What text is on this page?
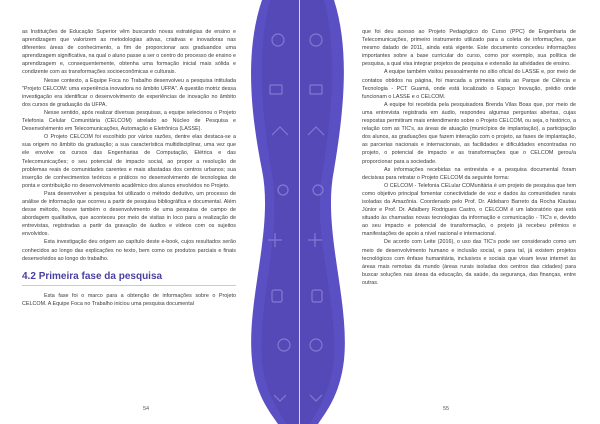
as Instituições de Educação Superior vêm buscando novas estratégias de ensino e aprendizagem que valorizem as metodologias ativas, criativas e inovadoras nas diferentes áreas de conhecimento, a fim de proporcionar aos graduandos uma aprendizagem significativa, na qual o aluno passe a ser o centro do processo de ensino e aprendizagem e, consequentemente, obtenha uma formação inicial mais sólida e condizente com as transformações socioeconômicas e culturais.

Nesse contexto, a Equipe Foca no Trabalho desenvolveu a pesquisa intitulada "Projeto CELCOM: uma experiência inovadora no âmbito UFPA". A questão motriz dessa investigação era identificar o desenvolvimento de experiências de inovação no âmbito dos cursos de graduação da UFPA.

Nesse sentido, após realizar diversas pesquisas, a equipe selecionou o Projeto Telefonia Celular Comunitária (CELCOM) atrelado ao Núcleo de Pesquisa e Desenvolvimento em Telecomunicações, Automação e Eletrônica (LASSE).

O Projeto CELCOM foi escolhido por vários razões, dentre elas destaca-se a sua origem no âmbito da graduação; a sua característica multidisciplinar, uma vez que ele envolve os cursos das Engenharias de Computação, Elétrica e das Telecomunicações; o seu potencial de impacto social, ao propor a resolução de problemas reais de comunidades carentes e mais afastadas dos centros urbanos; sua inserção de conhecimentos teóricos e práticos no desenvolvimento de tecnologias de ponta e contribuição no desenvolvimento acadêmico dos alunos envolvidos no Projeto.

Para desenvolver a pesquisa foi utilizado o método dedutivo, um processo de análise de informação que ocorreu a partir de pesquisa bibliográfica e documental. Além desse método, houve também o desenvolvimento de uma pesquisa de campo de abordagem qualitativa, que aconteceu por meio de visitas in loco para a realização de entrevistas, registradas a partir da gravação de áudios e vídeos com os sujeitos envolvidos.

Esta investigação deu origem ao capítulo deste e-book, cujos resultados serão conhecidos ao longo das explicações no texto, bem como os produtos parciais e finais desenvolvidos ao longo do trabalho.

4.2 Primeira fase da pesquisa

Esta fase foi o marco para a obtenção de informações sobre o Projeto CELCOM. A Equipe Foca no Trabalho iniciou uma pesquisa documental

54

que foi deu acesso ao Projeto Pedagógico do Curso (PPC) de Engenharia de Telecomunicações, primeiro instrumento utilizado para a coleta de informações, que mesmo datado de 2011, ainda está vigente. Este documento concedeu informações importantes sobre a base curricular do curso, como por exemplo, sua política de pesquisa, a qual visa integrar projetos de pesquisa e extensão às atividades de ensino.

A equipe também visitou pessoalmente no sítio oficial do LASSE e, por meio de contatos obtidos na página, foi marcada a primeira visita ao Parque de Ciência e Tecnologia - PCT Guamá, onde está localizado o Espaço Inovação, prédio onde funcionam o LASSE e o CELCOM.

A equipe foi recebida pela pesquisadora Brenda Vilas Boas que, por meio de uma entrevista registrada em áudio, respondeu algumas perguntas abertas, cujas respostas permitiram mais entendimento sobre o Projeto CELCOM, ou seja, o histórico, a relação com as TIC's, as áreas de atuação (municípios de implantação), a participação dos alunos, as graduações que fazem interação com o projeto, as fases de implantação, as parcerias nacionais e internacionais, as facilidades e dificuldades encontradas no projeto, o potencial de impacto e as transformações que o CELCOM gerou/a proporcionar para a sociedade.

As informações recebidas na entrevista e a pesquisa documental foram decisivas para retratar o Projeto CELCOM da seguinte forma:

O CELCOM - Telefonia CELular COMunitária é um projeto de pesquisa que tem como objetivo principal fomentar conectividade de voz e dados às comunidades rurais isoladas da Amazônia. Coordenado pelo Prof. Dr. Aldebaro Barreto da Rocha Klautau Júnior e Prof. Dr. Adalbery Rodrigues Castro, o CELCOM é um laboratório que está situado às chamadas novas tecnologias da informação e comunicação - TIC's e, devido ao seu impacto e potencial de transformação, o projeto já recebeu prêmios e manifestações de apoio a nível nacional e internacional.

De acordo com Leite (2016), o uso das TIC's pode ser considerado como um meio de desenvolvimento humano e inclusão social, e para tal, já existem projetos tecnológicos com ênfase humanitária, inclusivos e sociais que visam levar internet às áreas mais remotas da mundo (áreas rurais isoladas dos centros das cidades) para buscar soluções nas áreas da educação, da saúde, da segurança, das finanças, entre outras.

55
